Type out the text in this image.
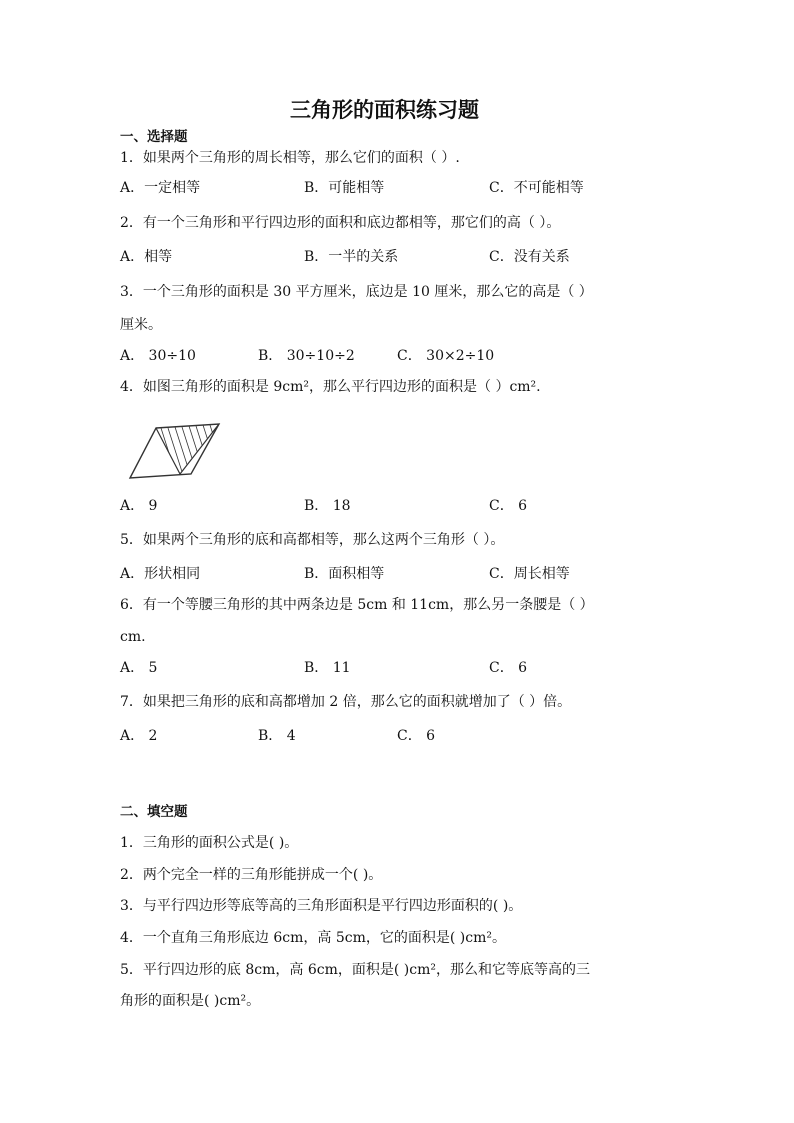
三角形的面积练习题
一、选择题
1．如果两个三角形的周长相等，那么它们的面积（ ）.
A．一定相等	B．可能相等	C．不可能相等
2．有一个三角形和平行四边形的面积和底边都相等，那它们的高（ ）。
A．相等	B．一半的关系	C．没有关系
3．一个三角形的面积是 30 平方厘米，底边是 10 厘米，那么它的高是（ ）
厘米。
A． 30÷10	B． 30÷10÷2	C． 30×2÷10
4．如图三角形的面积是 9cm²，那么平行四边形的面积是（ ）cm².
A． 9	B． 18	C． 6
5．如果两个三角形的底和高都相等，那么这两个三角形（ ）。
A．形状相同	B．面积相等	C．周长相等
6．有一个等腰三角形的其中两条边是 5cm 和 11cm，那么另一条腰是（ ）
cm.
A． 5	B． 11	C． 6
7．如果把三角形的底和高都增加 2 倍，那么它的面积就增加了（ ）倍。
A． 2	B． 4	C． 6
二、填空题
1．三角形的面积公式是( )。
2．两个完全一样的三角形能拼成一个( )。
3．与平行四边形等底等高的三角形面积是平行四边形面积的( )。
4．一个直角三角形底边 6cm，高 5cm，它的面积是( )cm²。
5．平行四边形的底 8cm，高 6cm，面积是( )cm²，那么和它等底等高的三
角形的面积是( )cm²。
